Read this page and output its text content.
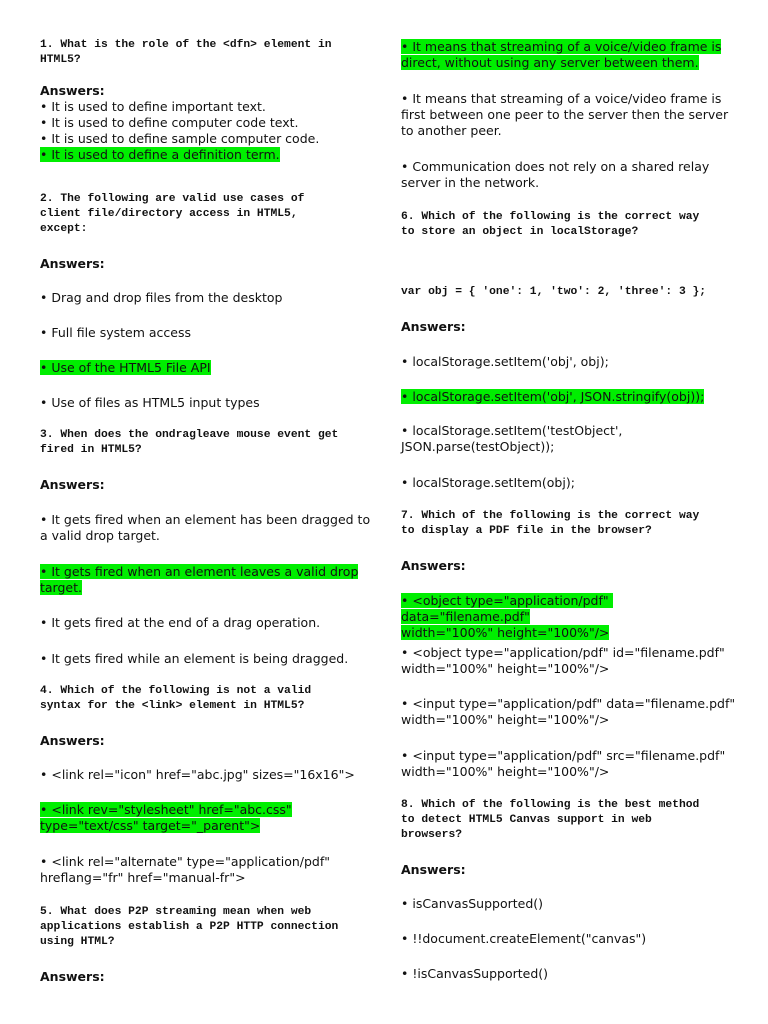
1. What is the role of the <dfn> element in
HTML5?
Answers:
• It is used to define important text.
• It is used to define computer code text.
• It is used to define sample computer code.
• It is used to define a definition term.
2. The following are valid use cases of
client file/directory access in HTML5,
except:
Answers:
• Drag and drop files from the desktop
• Full file system access
• Use of the HTML5 File API
• Use of files as HTML5 input types
3. When does the ondragleave mouse event get
fired in HTML5?
Answers:
• It gets fired when an element has been dragged to
a valid drop target.
• It gets fired when an element leaves a valid drop
target.
• It gets fired at the end of a drag operation.
• It gets fired while an element is being dragged.
4. Which of the following is not a valid
syntax for the <link> element in HTML5?
Answers:
• <link rel="icon" href="abc.jpg" sizes="16x16">
• <link rev="stylesheet" href="abc.css"
type="text/css" target="_parent">
• <link rel="alternate" type="application/pdf"
hreflang="fr" href="manual-fr">
5. What does P2P streaming mean when web
applications establish a P2P HTTP connection
using HTML?
Answers:
• It means that streaming of a voice/video frame is
direct, without using any server between them.
• It means that streaming of a voice/video frame is
first between one peer to the server then the server
to another peer.
• Communication does not rely on a shared relay
server in the network.
6. Which of the following is the correct way
to store an object in localStorage?
var obj = { 'one': 1, 'two': 2, 'three': 3 };
Answers:
• localStorage.setItem('obj', obj);
• localStorage.setItem('obj', JSON.stringify(obj));
• localStorage.setItem('testObject',
JSON.parse(testObject));
• localStorage.setItem(obj);
7. Which of the following is the correct way
to display a PDF file in the browser?
Answers:
• <object type="application/pdf" data="filename.pdf"
width="100%" height="100%"/>
• <object type="application/pdf" id="filename.pdf"
width="100%" height="100%"/>
• <input type="application/pdf" data="filename.pdf"
width="100%" height="100%"/>
• <input type="application/pdf" src="filename.pdf"
width="100%" height="100%"/>
8. Which of the following is the best method
to detect HTML5 Canvas support in web
browsers?
Answers:
• isCanvasSupported()
• !!document.createElement("canvas")
• !isCanvasSupported()
